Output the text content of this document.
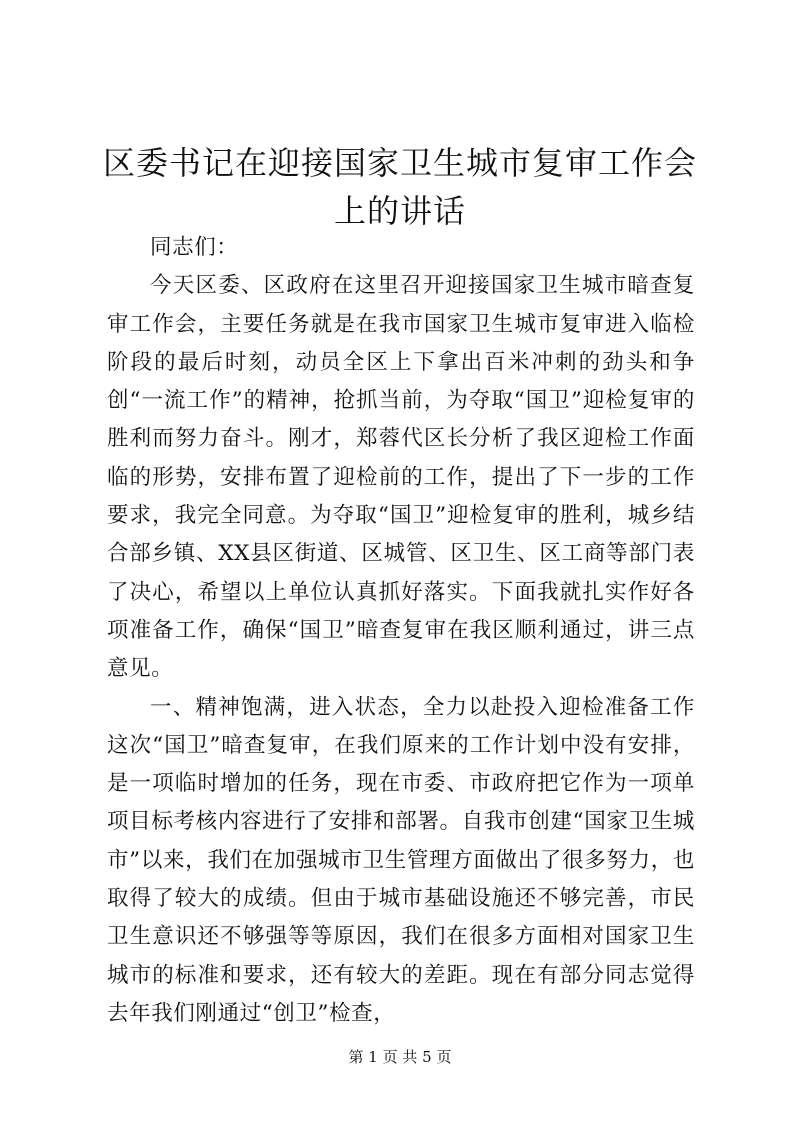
区委书记在迎接国家卫生城市复审工作会上的讲话

同志们：

今天区委、区政府在这里召开迎接国家卫生城市暗查复审工作会，主要任务就是在我市国家卫生城市复审进入临检阶段的最后时刻，动员全区上下拿出百米冲刺的劲头和争创“一流工作”的精神，抢抓当前，为夺取“国卫”迎检复审的胜利而努力奋斗。刚才，郑蓉代区长分析了我区迎检工作面临的形势，安排布置了迎检前的工作，提出了下一步的工作要求，我完全同意。为夺取“国卫”迎检复审的胜利，城乡结合部乡镇、XX县区街道、区城管、区卫生、区工商等部门表了决心，希望以上单位认真抓好落实。下面我就扎实作好各项准备工作，确保“国卫”暗查复审在我区顺利通过，讲三点意见。

一、精神饱满，进入状态，全力以赴投入迎检准备工作这次“国卫”暗查复审，在我们原来的工作计划中没有安排，是一项临时增加的任务，现在市委、市政府把它作为一项单项目标考核内容进行了安排和部署。自我市创建“国家卫生城市”以来，我们在加强城市卫生管理方面做出了很多努力，也取得了较大的成绩。但由于城市基础设施还不够完善，市民卫生意识还不够强等等原因，我们在很多方面相对国家卫生城市的标准和要求，还有较大的差距。现在有部分同志觉得去年我们刚通过“创卫”检查，

第 1 页 共 5 页
